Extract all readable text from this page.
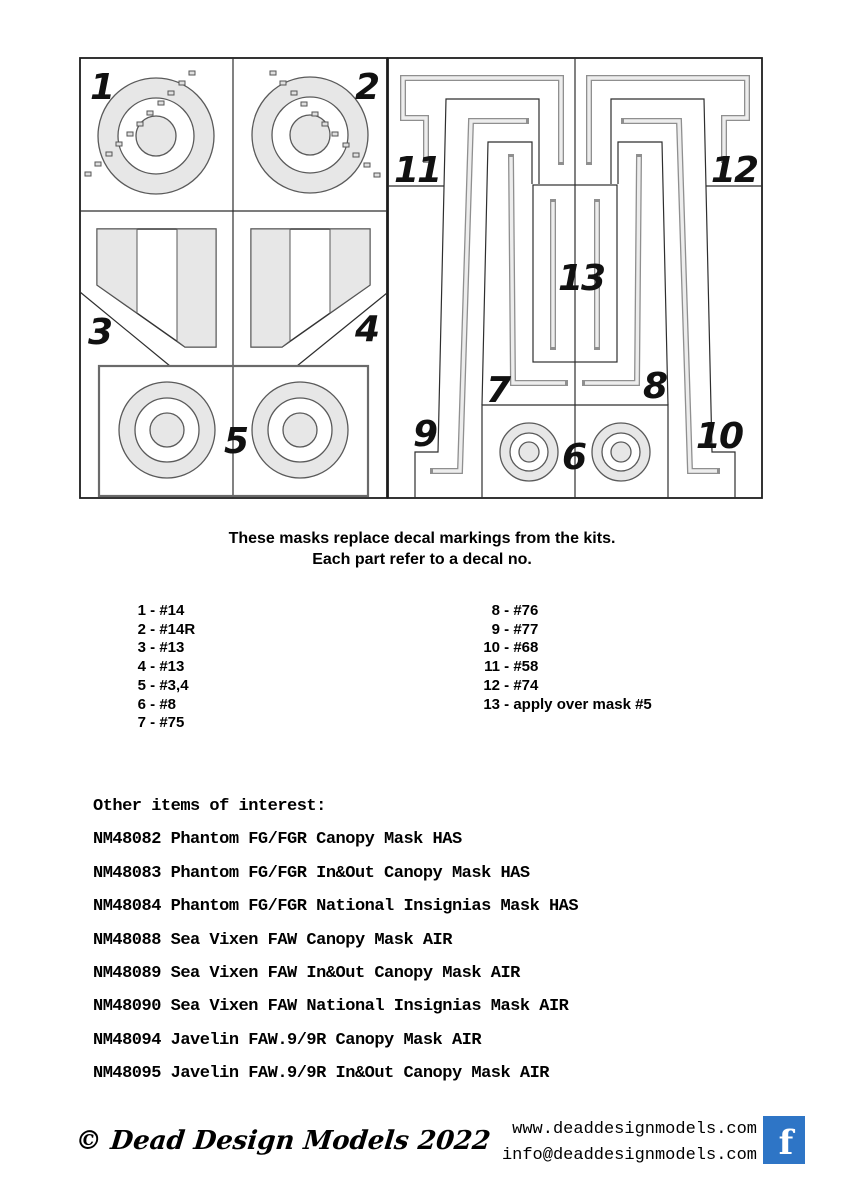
1	2
3	4
5	6
7	8
9	10
11	12
13
These masks replace decal markings from the kits.
Each part refer to a decal no.
1 - #14
2 - #14R
3 - #13
4 - #13
5 - #3,4
6 - #8
7 - #75
8 - #76
9 - #77
10 - #68
11 - #58
12 - #74
13 - apply over mask #5
Other items of interest:
NM48082 Phantom FG/FGR Canopy Mask HAS
NM48083 Phantom FG/FGR In&Out Canopy Mask HAS
NM48084 Phantom FG/FGR National Insignias Mask HAS
NM48088 Sea Vixen FAW Canopy Mask AIR
NM48089 Sea Vixen FAW In&Out Canopy Mask AIR
NM48090 Sea Vixen FAW National Insignias Mask AIR
NM48094 Javelin FAW.9/9R Canopy Mask AIR
NM48095 Javelin FAW.9/9R In&Out Canopy Mask AIR
© Dead Design Models 2022	www.deaddesignmodels.com
info@deaddesignmodels.com f
